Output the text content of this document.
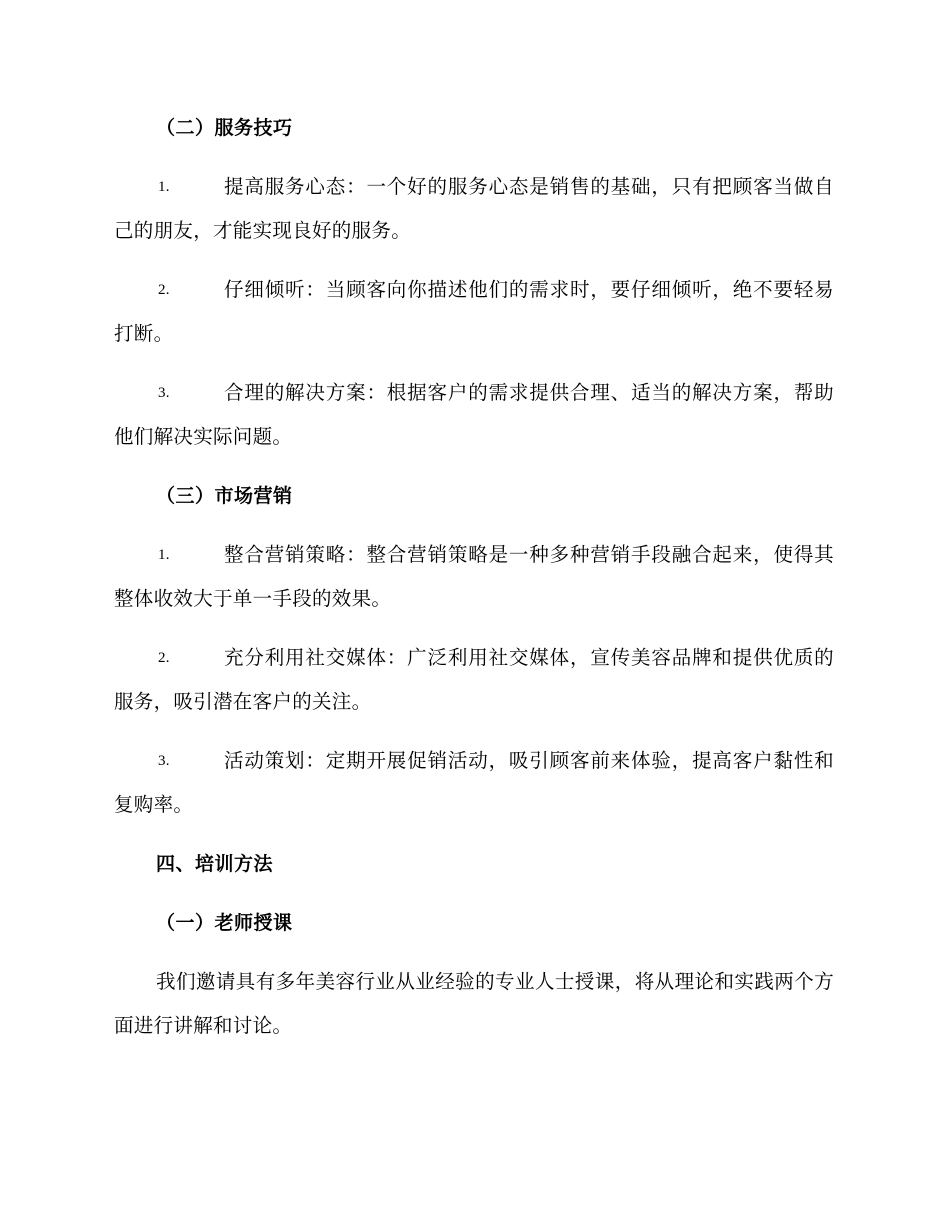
（二）服务技巧
1.	提高服务心态：一个好的服务心态是销售的基础，只有把顾客当做自己的朋友，才能实现良好的服务。
2.	仔细倾听：当顾客向你描述他们的需求时，要仔细倾听，绝不要轻易打断。
3.	合理的解决方案：根据客户的需求提供合理、适当的解决方案，帮助他们解决实际问题。
（三）市场营销
1.	整合营销策略：整合营销策略是一种多种营销手段融合起来，使得其整体收效大于单一手段的效果。
2.	充分利用社交媒体：广泛利用社交媒体，宣传美容品牌和提供优质的服务，吸引潜在客户的关注。
3.	活动策划：定期开展促销活动，吸引顾客前来体验，提高客户黏性和复购率。
四、培训方法
（一）老师授课

我们邀请具有多年美容行业从业经验的专业人士授课，将从理论和实践两个方面进行讲解和讨论。
